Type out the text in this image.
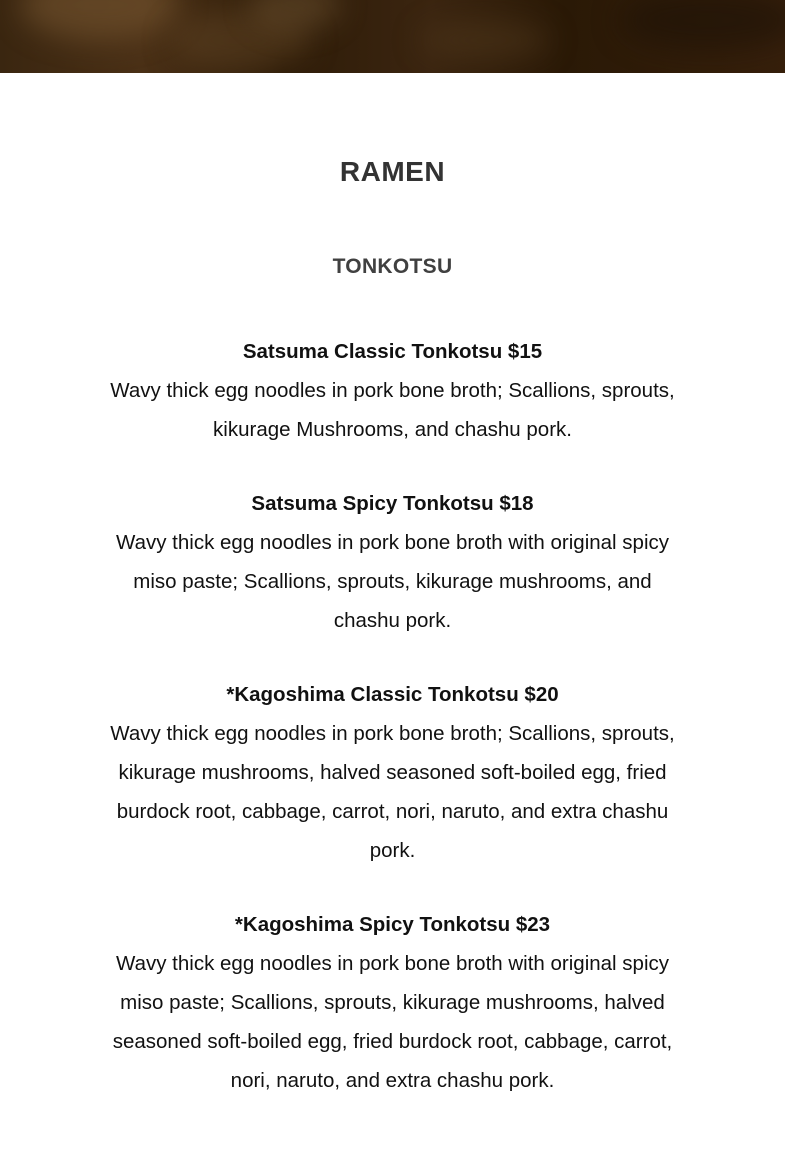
RAMEN
TONKOTSU

Satsuma Classic Tonkotsu $15

Wavy thick egg noodles in pork bone broth; Scallions, sprouts, kikurage Mushrooms, and chashu pork.

Satsuma Spicy Tonkotsu $18

Wavy thick egg noodles in pork bone broth with original spicy miso paste; Scallions, sprouts, kikurage mushrooms, and chashu pork.

*Kagoshima Classic Tonkotsu $20

Wavy thick egg noodles in pork bone broth; Scallions, sprouts, kikurage mushrooms, halved seasoned soft-boiled egg, fried burdock root, cabbage, carrot, nori, naruto, and extra chashu pork.

*Kagoshima Spicy Tonkotsu $23

Wavy thick egg noodles in pork bone broth with original spicy miso paste; Scallions, sprouts, kikurage mushrooms, halved seasoned soft-boiled egg, fried burdock root, cabbage, carrot, nori, naruto, and extra chashu pork.
